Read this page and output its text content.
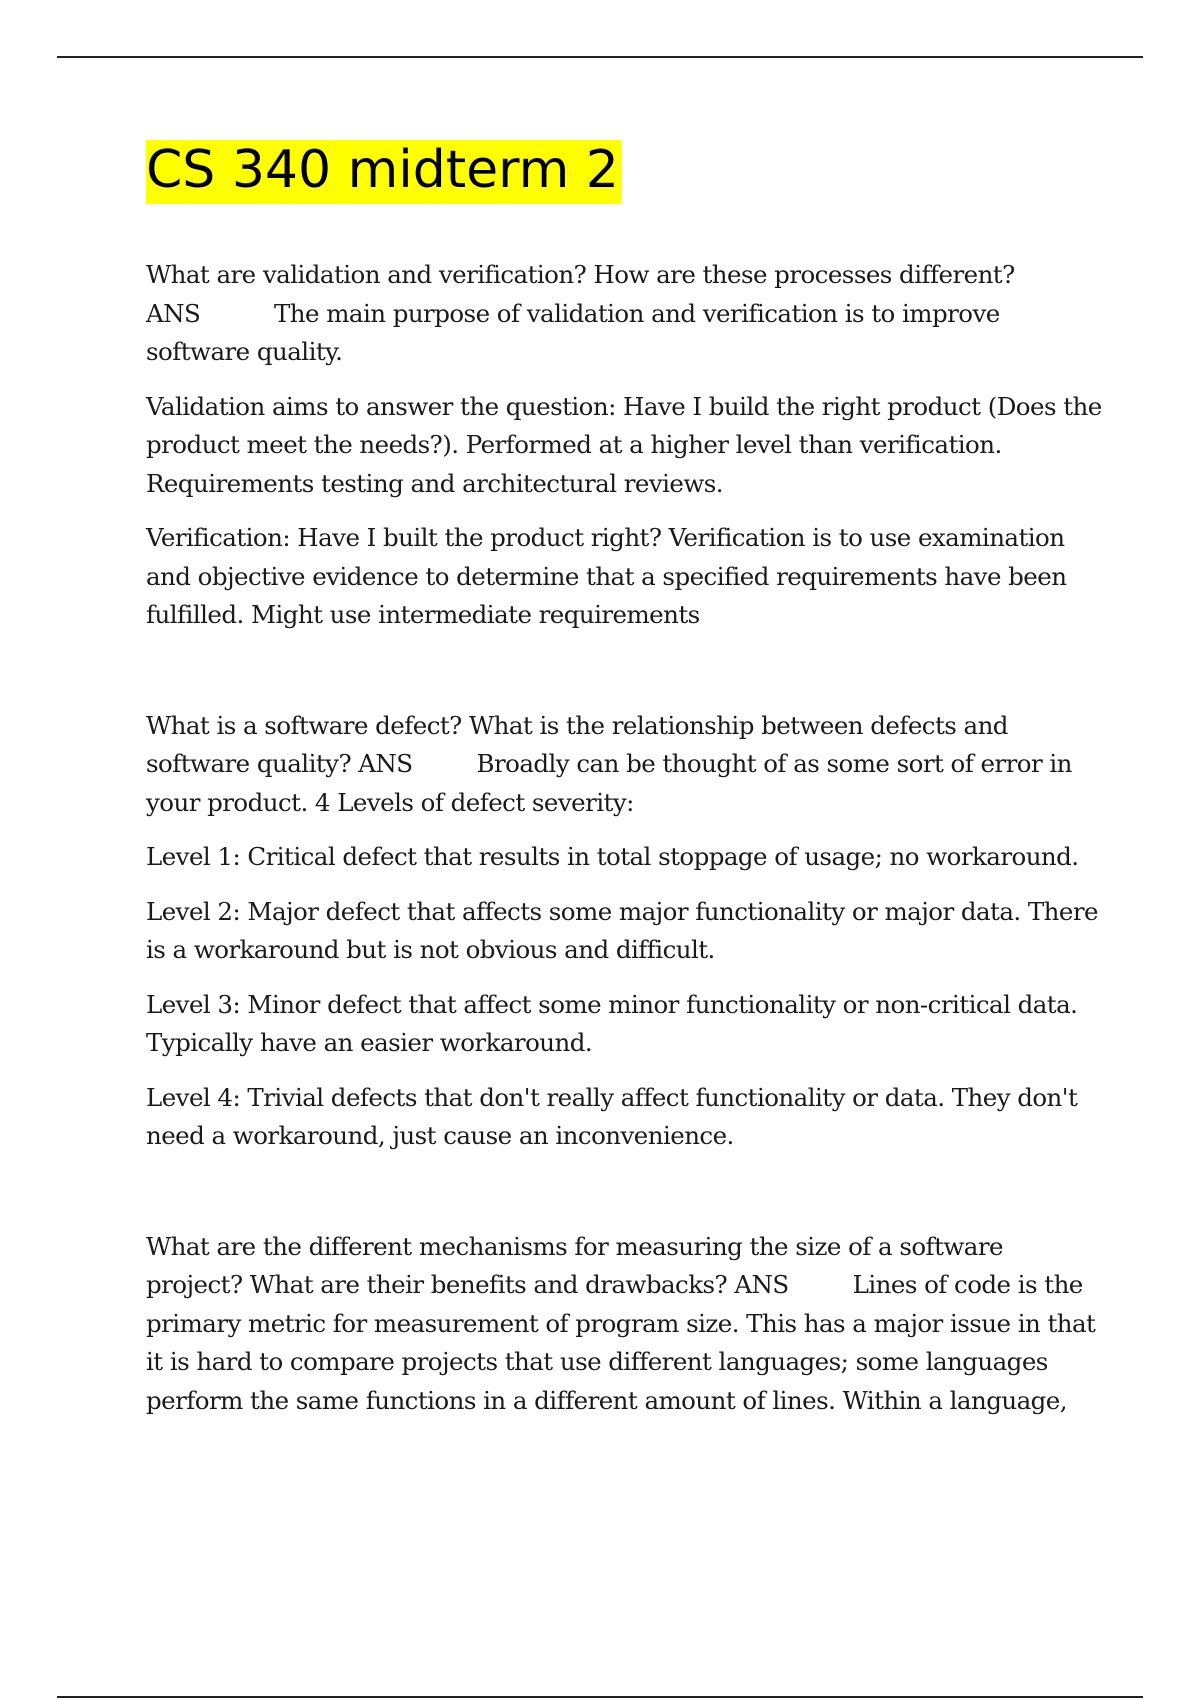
CS 340 midterm 2

What are validation and verification? How are these processes different?
ANS	The main purpose of validation and verification is to improve software quality.

Validation aims to answer the question: Have I build the right product (Does the product meet the needs?). Performed at a higher level than verification. Requirements testing and architectural reviews.

Verification: Have I built the product right? Verification is to use examination and objective evidence to determine that a specified requirements have been fulfilled. Might use intermediate requirements

What is a software defect? What is the relationship between defects and software quality? ANS	Broadly can be thought of as some sort of error in your product. 4 Levels of defect severity:

Level 1: Critical defect that results in total stoppage of usage; no workaround.

Level 2: Major defect that affects some major functionality or major data. There is a workaround but is not obvious and difficult.

Level 3: Minor defect that affect some minor functionality or non-critical data. Typically have an easier workaround.

Level 4: Trivial defects that don't really affect functionality or data. They don't need a workaround, just cause an inconvenience.

What are the different mechanisms for measuring the size of a software project? What are their benefits and drawbacks? ANS	Lines of code is the primary metric for measurement of program size. This has a major issue in that it is hard to compare projects that use different languages; some languages perform the same functions in a different amount of lines. Within a language,
